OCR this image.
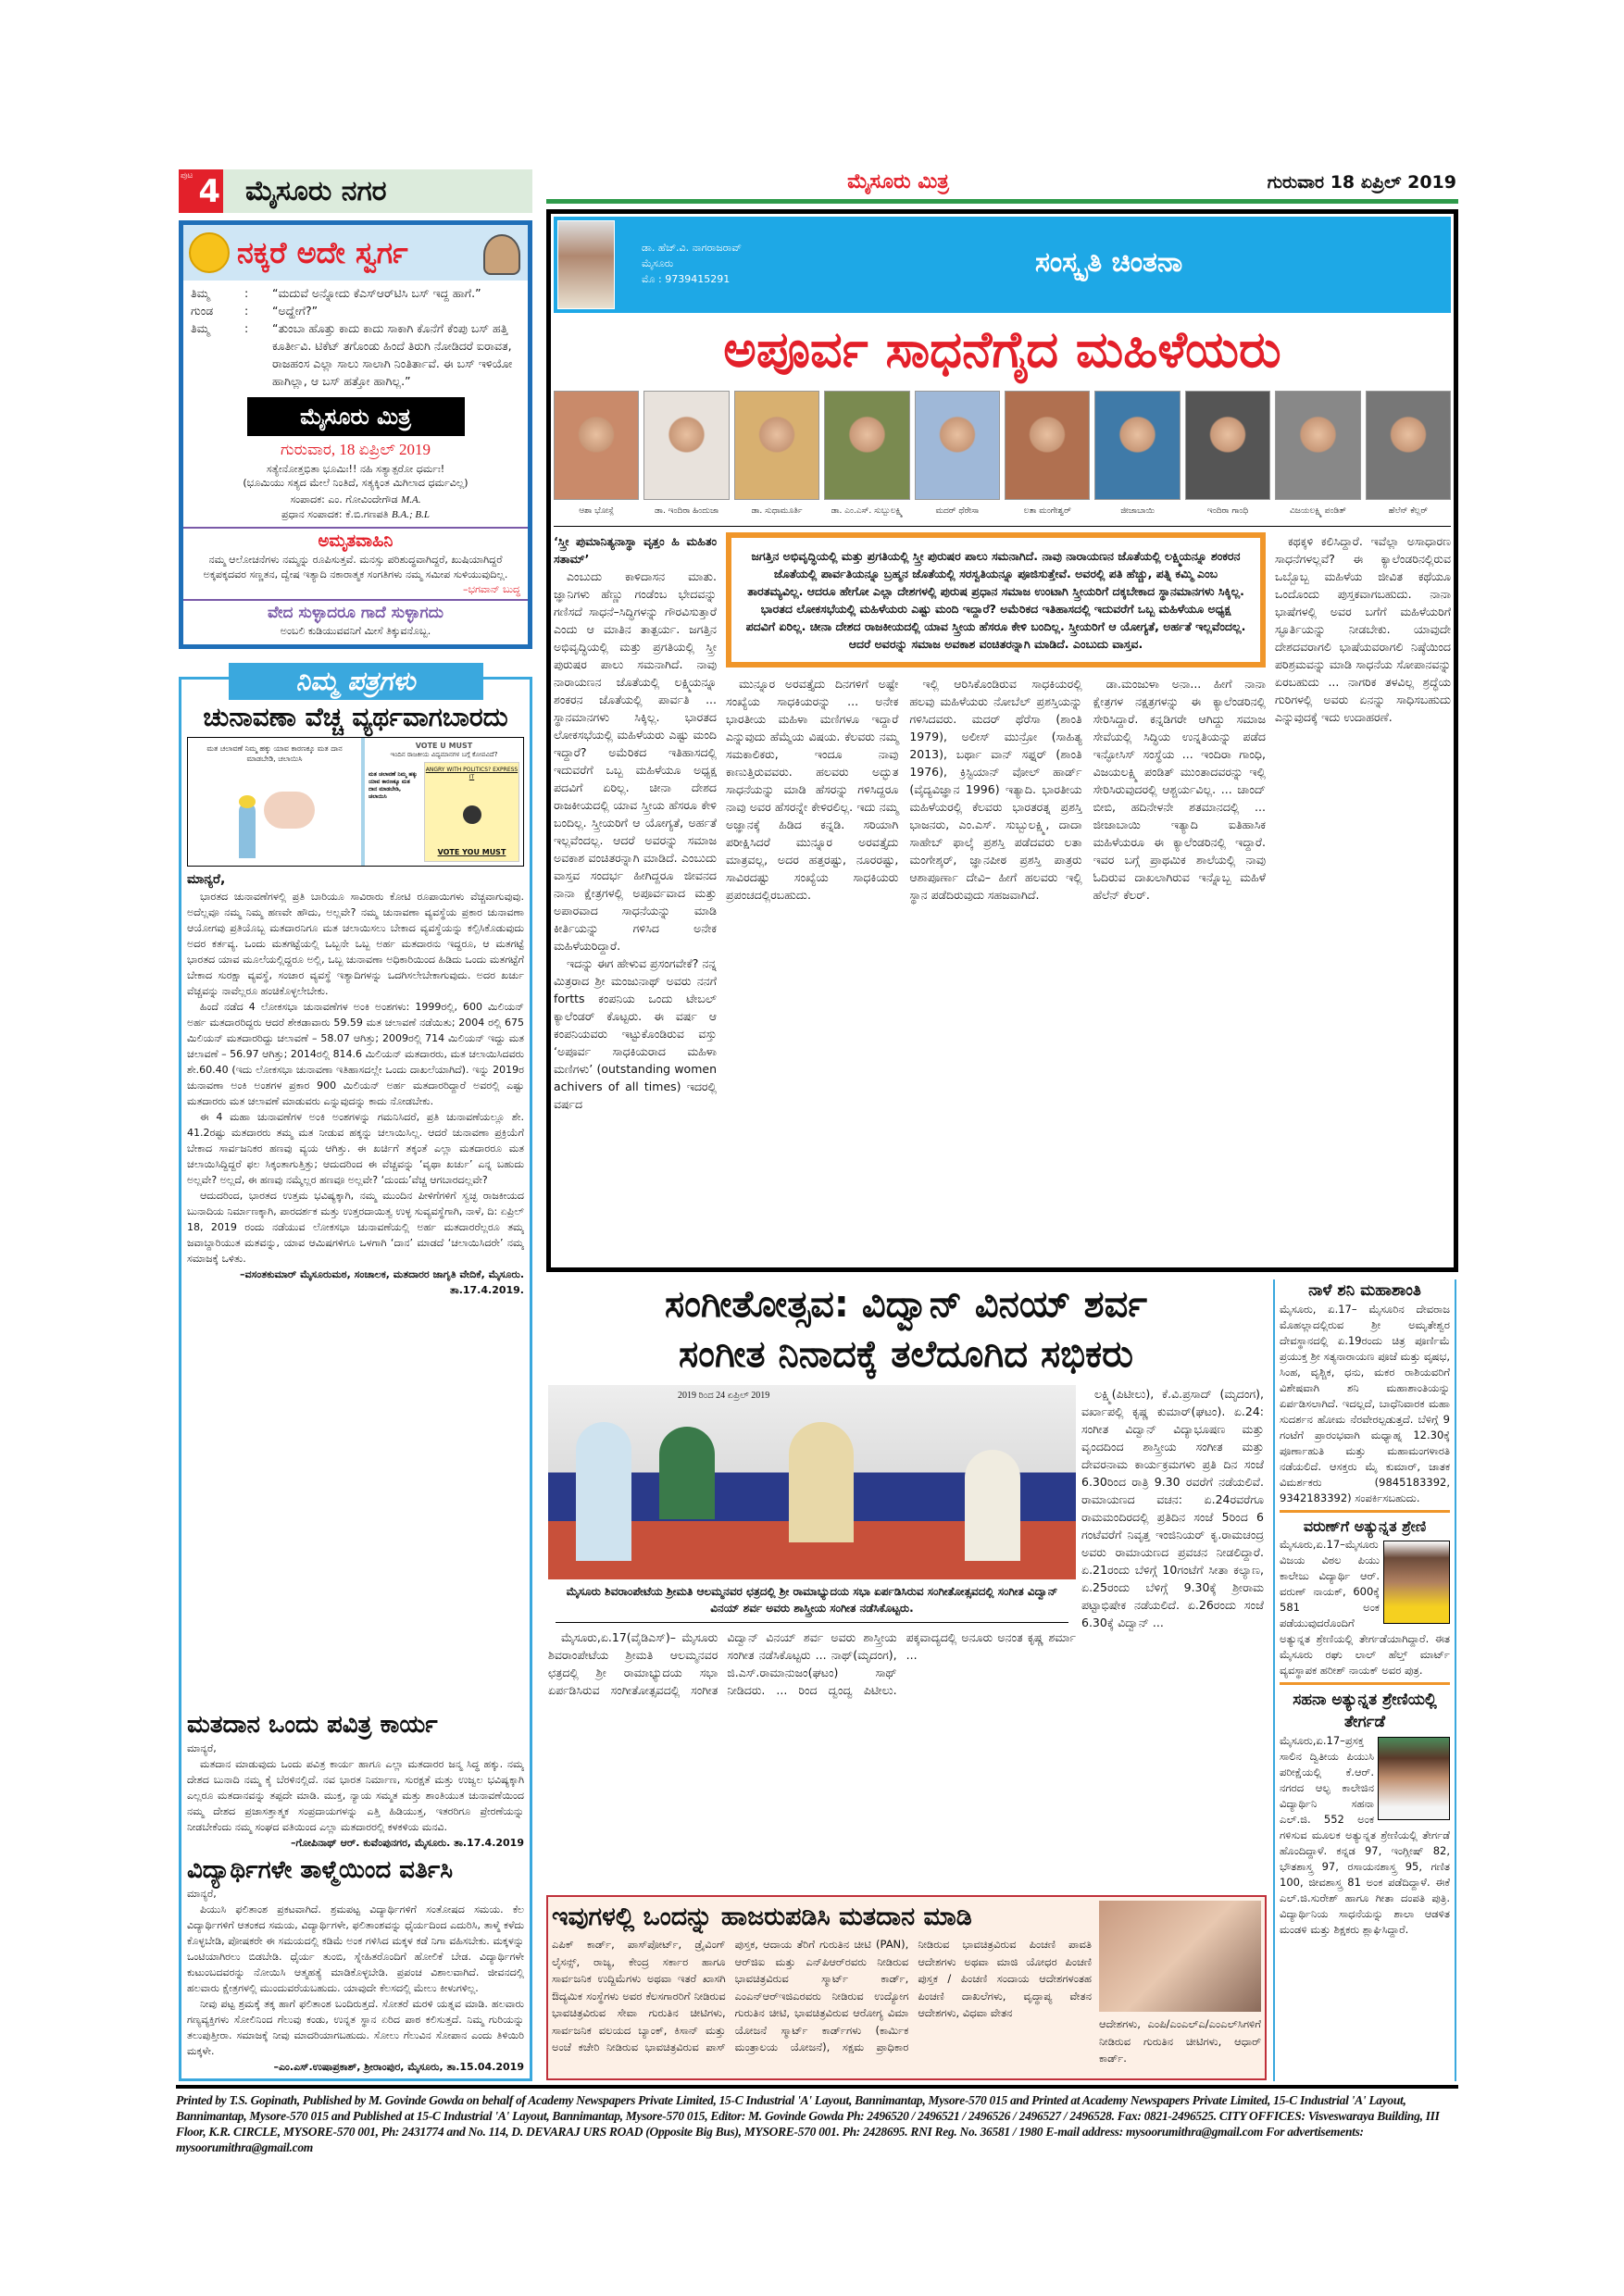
ಪುಟ 4 ಮೈಸೂರು ನಗರ	ಮೈಸೂರು ಮಿತ್ರ	ಗುರುವಾರ 18 ಏಪ್ರಿಲ್ 2019
ನಕ್ಕರೆ ಅದೇ ಸ್ವರ್ಗ
ತಿಮ್ಮ	:	“ಮದುವೆ ಅನ್ನೋದು ಕೆಎಸ್‌ಆರ್‌ಟಿಸಿ ಬಸ್ ಇದ್ದ ಹಾಗೆ.”
ಗುಂಡ	:	“ಅದ್ಹೇಗೆ?”
ತಿಮ್ಮ	:	“ತುಂಬಾ ಹೊತ್ತು ಕಾದು ಕಾದು ಸಾಕಾಗಿ ಕೊನೆಗೆ ಕೆಂಪು ಬಸ್ ಹತ್ತಿ ಕೂರ್ತೀವಿ. ಟಿಕೆಟ್ ತಗೊಂಡು ಹಿಂದೆ ತಿರುಗಿ ನೋಡಿದರೆ ಐರಾವತ, ರಾಜಹಂಸ ಎಲ್ಲಾ ಸಾಲು ಸಾಲಾಗಿ ನಿಂತಿರ್ತಾವೆ. ಈ ಬಸ್ ಇಳಿಯೋ ಹಾಗಿಲ್ಲಾ, ಆ ಬಸ್ ಹತ್ತೋ ಹಾಗಿಲ್ಲ.”
ಮೈಸೂರು ಮಿತ್ರ
ಗುರುವಾರ, 18 ಏಪ್ರಿಲ್ 2019
ಸತ್ಯೇನೋತ್ತಭಿತಾ ಭೂಮಿಃ!! ನಹಿ ಸತ್ಯಾತ್ಪರೋ ಧರ್ಮಃ!
(ಭೂಮಿಯು ಸತ್ಯದ ಮೇಲೆ ನಿಂತಿದೆ, ಸತ್ಯಕ್ಕಿಂತ ಮಿಗಿಲಾದ ಧರ್ಮವಿಲ್ಲ)
ಸಂಪಾದಕ: ಎಂ. ಗೋವಿಂದೇಗೌಡ M.A.
ಪ್ರಧಾನ ಸಂಪಾದಕ: ಕೆ.ಬಿ.ಗಣಪತಿ B.A.; B.L
ಅಮೃತವಾಹಿನಿ
ನಮ್ಮ ಆಲೋಚನೆಗಳು ನಮ್ಮನ್ನು ರೂಪಿಸುತ್ತವೆ. ಮನಸ್ಸು ಪರಿಶುದ್ಧವಾಗಿದ್ದರೆ, ಖುಷಿಯಾಗಿದ್ದರೆ ಅಕ್ಕಪಕ್ಕದವರ ಸಣ್ಣತನ, ದ್ವೇಷ ಇತ್ಯಾದಿ ನಕಾರಾತ್ಮಕ ಸಂಗತಿಗಳು ನಮ್ಮ ಸಮೀಪ ಸುಳಿಯುವುದಿಲ್ಲ.
–ಭಗವಾನ್ ಬುದ್ಧ
ವೇದ ಸುಳ್ಳಾದರೂ ಗಾದೆ ಸುಳ್ಳಾಗದು
ಅಂಬಲಿ ಕುಡಿಯುವವನಿಗೆ ಮೀಸೆ ತಿಕ್ಕುವನೊಬ್ಬ.
ನಿಮ್ಮ ಪತ್ರಗಳು
ಚುನಾವಣಾ ವೆಚ್ಚ ವ್ಯರ್ಥವಾಗಬಾರದು
ಮತ ಚಲಾವಣೆ ನಿಮ್ಮ ಹಕ್ಕು ಯಾವ ಕಾರಣಕ್ಕೂ ಮತ ದಾನ ಮಾಡಬೇಡಿ, ಚಲಾಯಿಸಿ
VOTE U MUST
ಇಂದಿನ ರಾಜಕೀಯ ವಿದ್ಯಮಾನಗಳ ಬಗ್ಗೆ ಕೋಪವಿದೆ?
ಮತ ಚಲಾವಣೆ ನಿಮ್ಮ ಹಕ್ಕು ಯಾವ ಕಾರಣಕ್ಕೂ ಮತ ದಾನ ಮಾಡಬೇಡಿ, ಚಲಾಯಿಸಿ
ANGRY WITH POLITICS? EXPRESS IT
VOTE YOU MUST
ಮಾನ್ಯರೆ,

ಭಾರತದ ಚುನಾವಣೆಗಳಲ್ಲಿ ಪ್ರತಿ ಬಾರಿಯೂ ಸಾವಿರಾರು ಕೋಟಿ ರೂಪಾಯಿಗಳು ವೆಚ್ಚವಾಗುವುವು. ಅದೆಲ್ಲವೂ ನಮ್ಮ ನಿಮ್ಮ ಹಣವೇ ಹೌದು, ಅಲ್ಲವೇ? ನಮ್ಮ ಚುನಾವಣಾ ವ್ಯವಸ್ಥೆಯ ಪ್ರಕಾರ ಚುನಾವಣಾ ಆಯೋಗವು ಪ್ರತಿಯೊಬ್ಬ ಮತದಾರನಿಗೂ ಮತ ಚಲಾಯಿಸಲು ಬೇಕಾದ ವ್ಯವಸ್ಥೆಯನ್ನು ಕಲ್ಪಿಸಿಕೊಡುವುದು ಅದರ ಕರ್ತವ್ಯ. ಒಂದು ಮತಗಟ್ಟೆಯಲ್ಲಿ ಒಬ್ಬನೇ ಒಬ್ಬ ಅರ್ಹ ಮತದಾರನು ಇದ್ದರೂ, ಆ ಮತಗಟ್ಟೆ ಭಾರತದ ಯಾವ ಮೂಲೆಯಲ್ಲಿದ್ದರೂ ಅಲ್ಲಿ, ಒಬ್ಬ ಚುನಾವಣಾ ಅಧಿಕಾರಿಯಿಂದ ಹಿಡಿದು ಒಂದು ಮತಗಟ್ಟೆಗೆ ಬೇಕಾದ ಸುರಕ್ಷಾ ವ್ಯವಸ್ಥೆ, ಸಂಚಾರ ವ್ಯವಸ್ಥೆ ಇತ್ಯಾದಿಗಳನ್ನು ಒದಗಿಸಲೇಬೇಕಾಗುವುದು. ಅದರ ಖರ್ಚು ವೆಚ್ಚವನ್ನು ನಾವೆಲ್ಲರೂ ಹಂಚಿಕೊಳ್ಳಲೇಬೇಕು.

ಹಿಂದೆ ನಡೆದ 4 ಲೋಕಸಭಾ ಚುನಾವಣೆಗಳ ಅಂಕಿ ಅಂಶಗಳು: 1999ರಲ್ಲಿ, 600 ಮಿಲಿಯನ್ ಅರ್ಹ ಮತದಾರರಿದ್ದರು ಆದರೆ ಶೇಕಡಾವಾರು 59.59 ಮತ ಚಲಾವಣೆ ನಡೆಯಿತು; 2004 ರಲ್ಲಿ 675 ಮಿಲಿಯನ್ ಮತದಾರರಿದ್ದು ಚಲಾವಣೆ – 58.07 ಆಗಿತ್ತು; 2009ರಲ್ಲಿ 714 ಮಿಲಿಯನ್ ಇದ್ದು ಮತ ಚಲಾವಣೆ – 56.97 ಆಗಿತ್ತು; 2014ರಲ್ಲಿ 814.6 ಮಿಲಿಯನ್ ಮತದಾರರು, ಮತ ಚಲಾಯಿಸಿದವರು ಶೇ.60.40 (ಇದು ಲೋಕಸಭಾ ಚುನಾವಣಾ ಇತಿಹಾಸದಲ್ಲೇ ಒಂದು ದಾಖಲೆಯಾಗಿದೆ). ಇನ್ನು 2019ರ ಚುನಾವಣಾ ಅಂಕಿ ಅಂಶಗಳ ಪ್ರಕಾರ 900 ಮಿಲಿಯನ್ ಅರ್ಹ ಮತದಾರರಿದ್ದಾರೆ ಅವರಲ್ಲಿ ಎಷ್ಟು ಮತದಾರರು ಮತ ಚಲಾವಣೆ ಮಾಡುವರು ಎನ್ನುವುದನ್ನು ಕಾದು ನೋಡಬೇಕು.

ಈ 4 ಮಹಾ ಚುನಾವಣೆಗಳ ಅಂಕಿ ಅಂಶಗಳನ್ನು ಗಮನಿಸಿದರೆ, ಪ್ರತಿ ಚುನಾವಣೆಯಲ್ಲೂ ಶೇ. 41.2ರಷ್ಟು ಮತದಾರರು ತಮ್ಮ ಮತ ನೀಡುವ ಹಕ್ಕನ್ನು ಚಲಾಯಿಸಿಲ್ಲ. ಆದರೆ ಚುನಾವಣಾ ಪ್ರಕ್ರಿಯೆಗೆ ಬೇಕಾದ ಸಾರ್ವಜನಿಕರ ಹಣವು ವ್ಯಯ ಆಗಿತ್ತು. ಈ ಖರ್ಚಿಗೆ ತಕ್ಕಂತೆ ಎಲ್ಲಾ ಮತದಾರರೂ ಮತ ಚಲಾಯಿಸಿದ್ದಿದ್ದರೆ ಫಲ ಸಿಕ್ಕಂತಾಗುತ್ತಿತ್ತು; ಆದುದರಿಂದ ಈ ವೆಚ್ಚವನ್ನು ‘ವೃಥಾ ಖರ್ಚು’ ಎನ್ನ ಬಹುದು ಅಲ್ಲವೇ? ಅಲ್ಲದೆ, ಈ ಹಣವು ನಮ್ಮೆಲ್ಲರ ಹಣವೂ ಅಲ್ಲವೇ? ‘ದುಂದು’ವೆಚ್ಚ ಆಗಬಾರದಲ್ಲವೇ?

ಆದುದರಿಂದ, ಭಾರತದ ಉತ್ತಮ ಭವಿಷ್ಯಕ್ಕಾಗಿ, ನಮ್ಮ ಮುಂದಿನ ಪೀಳಿಗೆಗಳಿಗೆ ಸ್ವಚ್ಛ ರಾಜಕೀಯದ ಬುನಾದಿಯ ನಿರ್ಮಾಣಕ್ಕಾಗಿ, ಪಾರದರ್ಶಕ ಮತ್ತು ಉತ್ತರದಾಯಿತ್ವ ಉಳ್ಳ ಸುವ್ಯವಸ್ಥೆಗಾಗಿ, ನಾಳೆ, ದಿ: ಏಪ್ರಿಲ್ 18, 2019 ರಂದು ನಡೆಯುವ ಲೋಕಸಭಾ ಚುನಾವಣೆಯಲ್ಲಿ ಅರ್ಹ ಮತದಾರರೆಲ್ಲರೂ ತಮ್ಮ ಜವಾಬ್ದಾರಿಯುತ ಮತವನ್ನು, ಯಾವ ಆಮಿಷಗಳಿಗೂ ಒಳಗಾಗಿ ‘ದಾನ’ ಮಾಡದೆ ‘ಚಲಾಯಿಸಿದರೇ’ ನಮ್ಮ ಸಮಾಜಕ್ಕೆ ಒಳಿತು.

–ವಸಂತಕುಮಾರ್ ಮೈಸೂರುಮಠ, ಸಂಚಾಲಕ, ಮತದಾರರ ಜಾಗೃತಿ ವೇದಿಕೆ, ಮೈಸೂರು. ತಾ.17.4.2019.
ಮತದಾನ ಒಂದು ಪವಿತ್ರ ಕಾರ್ಯ
ಮಾನ್ಯರೆ,

ಮತದಾನ ಮಾಡುವುದು ಒಂದು ಪವಿತ್ರ ಕಾರ್ಯ ಹಾಗೂ ಎಲ್ಲಾ ಮತದಾರರ ಜನ್ಮ ಸಿದ್ಧ ಹಕ್ಕು. ನಮ್ಮ ದೇಶದ ಬುನಾದಿ ನಮ್ಮ ಕೈ ಬೆರಳಿನಲ್ಲಿದೆ. ನವ ಭಾರತ ನಿರ್ಮಾಣ, ಸುರಕ್ಷತೆ ಮತ್ತು ಉಜ್ವಲ ಭವಿಷ್ಯಕ್ಕಾಗಿ ಎಲ್ಲರೂ ಮತದಾನವನ್ನು ತಪ್ಪದೇ ಮಾಡಿ. ಮುಕ್ತ, ನ್ಯಾಯ ಸಮ್ಮತ ಮತ್ತು ಶಾಂತಿಯುತ ಚುನಾವಣೆಯಿಂದ ನಮ್ಮ ದೇಶದ ಪ್ರಜಾಸತ್ತಾತ್ಮಕ ಸಂಪ್ರದಾಯಗಳನ್ನು ಎತ್ತಿ ಹಿಡಿಯುತ್ತ, ಇತರರಿಗೂ ಪ್ರೇರಣೆಯನ್ನು ನೀಡಬೇಕೆಂದು ನಮ್ಮ ಸಂಘದ ವತಿಯಿಂದ ಎಲ್ಲಾ ಮತದಾರರಲ್ಲಿ ಕಳಕಳಿಯ ಮನವಿ.

–ಗೋಪಿನಾಥ್ ಆರ್. ಕುವೆಂಪುನಗರ, ಮೈಸೂರು. ತಾ.17.4.2019
ವಿದ್ಯಾರ್ಥಿಗಳೇ ತಾಳ್ಮೆಯಿಂದ ವರ್ತಿಸಿ
ಮಾನ್ಯರೆ,

ಪಿಯುಸಿ ಫಲಿತಾಂಶ ಪ್ರಕಟವಾಗಿದೆ. ಶ್ರಮಪಟ್ಟ ವಿದ್ಯಾರ್ಥಿಗಳಿಗೆ ಸಂತೋಷದ ಸಮಯ. ಕೆಲ ವಿದ್ಯಾರ್ಥಿಗಳಿಗೆ ಆತಂಕದ ಸಮಯ, ವಿದ್ಯಾರ್ಥಿಗಳೇ, ಫಲಿತಾಂಶವನ್ನು ಧೈರ್ಯದಿಂದ ಎದುರಿಸಿ, ತಾಳ್ಮೆ ಕಳೆದು ಕೊಳ್ಳಬೇಡಿ, ಪೋಷಕರೇ ಈ ಸಮಯದಲ್ಲಿ ಕಡಿಮೆ ಅಂಕ ಗಳಿಸಿದ ಮಕ್ಕಳ ಕಡೆ ನಿಗಾ ವಹಿಸಬೇಕು. ಮಕ್ಕಳನ್ನು ಒಂಟಿಯಾಗಿರಲು ಬಿಡಬೇಡಿ. ಧೈರ್ಯ ತುಂಬಿ, ಸ್ನೇಹಿತರೊಂದಿಗೆ ಹೋಲಿಕೆ ಬೇಡ. ವಿದ್ಯಾರ್ಥಿಗಳೇ ಕುಟುಂಬದವರನ್ನು ನೋಯಿಸಿ ಆತ್ಮಹತ್ಯೆ ಮಾಡಿಕೊಳ್ಳಬೇಡಿ. ಪ್ರಪಂಚ ವಿಶಾಲವಾಗಿದೆ. ಜೀವನದಲ್ಲಿ ಹಲವಾರು ಕ್ಷೇತ್ರಗಳಲ್ಲಿ ಮುಂದುವರೆಯಬಹುದು. ಯಾವುದೇ ಕೆಲಸದಲ್ಲಿ ಮೇಲು ಕೀಳುಗಳಿಲ್ಲ.

ನೀವು ಪಟ್ಟ ಶ್ರಮಕ್ಕೆ ತಕ್ಕ ಹಾಗೆ ಫಲಿತಾಂಶ ಬಂದಿರುತ್ತದೆ. ಸೋತರೆ ಮರಳಿ ಯತ್ನವ ಮಾಡಿ. ಹಲವಾರು ಗಣ್ಯವ್ಯಕ್ತಿಗಳು ಸೋಲಿನಿಂದ ಗೆಲುವು ಕಂಡು, ಉನ್ನತ ಸ್ಥಾನ ಏರಿದ ಪಾಠ ಕಲಿಸುತ್ತದೆ. ನಿಮ್ಮ ಗುರಿಯನ್ನು ತಲುಪುತ್ತೀರಾ. ಸಮಾಜಕ್ಕೆ ನೀವು ಮಾದರಿಯಾಗಬಹುದು. ಸೋಲು ಗೆಲುವಿನ ಸೋಪಾನ ಎಂದು ತಿಳಿಯಿರಿ ಮಕ್ಕಳೇ.

–ಎಂ.ಎಸ್.ಉಷಾಪ್ರಕಾಶ್, ಶ್ರೀರಾಂಪುರ, ಮೈಸೂರು, ತಾ.15.04.2019
ಡಾ. ಹೆಚ್.ವಿ. ನಾಗರಾಜರಾವ್
ಮೈಸೂರು
ಮೊ : 9739415291
ಸಂಸ್ಕೃತಿ ಚಿಂತನಾ
ಅಪೂರ್ವ ಸಾಧನೆಗೈದ ಮಹಿಳೆಯರು
ಆಶಾ ಭೋಸ್ಲೆ	ಡಾ. ಇಂದಿರಾ ಹಿಂದುಜಾ	ಡಾ. ಸುಧಾಮೂರ್ತಿ	ಡಾ. ಎಂ.ಎಸ್. ಸುಬ್ಬುಲಕ್ಷ್ಮಿ	ಮದರ್ ಥೆರೇಸಾ	ಲತಾ ಮಂಗೇಶ್ವರ್	ಜೀಜಾಬಾಯಿ	ಇಂದಿರಾ ಗಾಂಧಿ	ವಿಜಯಲಕ್ಷ್ಮಿ ಪಂಡಿತ್	ಹೆಲೆನ್ ಕೆಲ್ಲರ್
‘ಸ್ತ್ರೀ ಪುಮಾನಿತ್ಯನಾಸ್ಥಾ ವೃತ್ತಂ ಹಿ ಮಹಿತಂ ಸತಾಮ್’

ಎಂಬುದು ಕಾಳಿದಾಸನ ಮಾತು. ಜ್ಞಾನಿಗಳು ಹೆಣ್ಣು ಗಂಡೆಂಬ ಭೇದವನ್ನು ಗಣಿಸದೆ ಸಾಧನೆ–ಸಿದ್ಧಿಗಳನ್ನು ಗೌರವಿಸುತ್ತಾರೆ ಎಂದು ಆ ಮಾತಿನ ತಾತ್ಪರ್ಯ. ಜಗತ್ತಿನ ಅಭಿವೃದ್ಧಿಯಲ್ಲಿ ಮತ್ತು ಪ್ರಗತಿಯಲ್ಲಿ ಸ್ತ್ರೀ ಪುರುಷರ ಪಾಲು ಸಮನಾಗಿದೆ. ನಾವು ನಾರಾಯಣನ ಜೊತೆಯಲ್ಲಿ ಲಕ್ಷ್ಮಿಯನ್ನೂ ಶಂಕರನ ಜೊತೆಯಲ್ಲಿ ಪಾರ್ವತಿ ... ಸ್ಥಾನಮಾನಗಳು ಸಿಕ್ಕಿಲ್ಲ. ಭಾರತದ ಲೋಕಸಭೆಯಲ್ಲಿ ಮಹಿಳೆಯರು ಎಷ್ಟು ಮಂದಿ ಇದ್ದಾರೆ? ಅಮೆರಿಕದ ಇತಿಹಾಸದಲ್ಲಿ ಇದುವರೆಗೆ ಒಬ್ಬ ಮಹಿಳೆಯೂ ಅಧ್ಯಕ್ಷ ಪದವಿಗೆ ಏರಿಲ್ಲ. ಚೀನಾ ದೇಶದ ರಾಜಕೀಯದಲ್ಲಿ ಯಾವ ಸ್ತ್ರೀಯ ಹೆಸರೂ ಕೇಳಿ ಬಂದಿಲ್ಲ. ಸ್ತ್ರೀಯರಿಗೆ ಆ ಯೋಗ್ಯತೆ, ಅರ್ಹತೆ ಇಲ್ಲವೆಂದಲ್ಲ. ಆದರೆ ಅವರನ್ನು ಸಮಾಜ ಅವಕಾಶ ವಂಚಿತರನ್ನಾಗಿ ಮಾಡಿದೆ. ಎಂಬುದು ವಾಸ್ತವ ಸಂದರ್ಭ ಹೀಗಿದ್ದರೂ ಜೀವನದ ನಾನಾ ಕ್ಷೇತ್ರಗಳಲ್ಲಿ ಅಪೂರ್ವವಾದ ಮತ್ತು ಅಪಾರವಾದ ಸಾಧನೆಯನ್ನು ಮಾಡಿ ಕೀರ್ತಿಯನ್ನು ಗಳಿಸಿದ ಅನೇಕ ಮಹಿಳೆಯರಿದ್ದಾರೆ.

ಇದನ್ನು ಈಗ ಹೇಳುವ ಪ್ರಸಂಗವೇಕೆ? ನನ್ನ ಮಿತ್ರರಾದ ಶ್ರೀ ಮಂಜುನಾಥ್ ಅವರು ನನಗೆ fortts ಕಂಪನಿಯ ಒಂದು ಟೇಬಲ್ ಕ್ಯಾಲೆಂಡರ್ ಕೊಟ್ಟರು. ಈ ವರ್ಷ ಆ ಕಂಪನಿಯವರು ಇಟ್ಟುಕೊಂಡಿರುವ ವಸ್ತು ‘ಅಪೂರ್ವ ಸಾಧಕಿಯರಾದ ಮಹಿಳಾ ಮಣಿಗಳು’ (outstanding women achivers of all times) ಇದರಲ್ಲಿ ವರ್ಷದ

ಜಗತ್ತಿನ ಅಭಿವೃದ್ಧಿಯಲ್ಲಿ ಮತ್ತು ಪ್ರಗತಿಯಲ್ಲಿ ಸ್ತ್ರೀ ಪುರುಷರ ಪಾಲು ಸಮನಾಗಿದೆ. ನಾವು ನಾರಾಯಣನ ಜೊತೆಯಲ್ಲಿ ಲಕ್ಷ್ಮಿಯನ್ನೂ ಶಂಕರನ ಜೊತೆಯಲ್ಲಿ ಪಾರ್ವತಿಯನ್ನೂ ಬ್ರಹ್ಮನ ಜೊತೆಯಲ್ಲಿ ಸರಸ್ವತಿಯನ್ನೂ ಪೂಜಿಸುತ್ತೇವೆ. ಅವರಲ್ಲಿ ಪತಿ ಹೆಚ್ಚು, ಪತ್ನಿ ಕಮ್ಮಿ ಎಂಬ ತಾರತಮ್ಯವಿಲ್ಲ. ಆದರೂ ಹೇಗೋ ಎಲ್ಲಾ ದೇಶಗಳಲ್ಲಿ ಪುರುಷ ಪ್ರಧಾನ ಸಮಾಜ ಉಂಟಾಗಿ ಸ್ತ್ರೀಯರಿಗೆ ದಕ್ಕಬೇಕಾದ ಸ್ಥಾನಮಾನಗಳು ಸಿಕ್ಕಿಲ್ಲ. ಭಾರತದ ಲೋಕಸಭೆಯಲ್ಲಿ ಮಹಿಳೆಯರು ಎಷ್ಟು ಮಂದಿ ಇದ್ದಾರೆ? ಅಮೆರಿಕದ ಇತಿಹಾಸದಲ್ಲಿ ಇದುವರೆಗೆ ಒಬ್ಬ ಮಹಿಳೆಯೂ ಅಧ್ಯಕ್ಷ ಪದವಿಗೆ ಏರಿಲ್ಲ. ಚೀನಾ ದೇಶದ ರಾಜಕೀಯದಲ್ಲಿ ಯಾವ ಸ್ತ್ರೀಯ ಹೆಸರೂ ಕೇಳಿ ಬಂದಿಲ್ಲ. ಸ್ತ್ರೀಯರಿಗೆ ಆ ಯೋಗ್ಯತೆ, ಅರ್ಹತೆ ಇಲ್ಲವೆಂದಲ್ಲ. ಆದರೆ ಅವರನ್ನು ಸಮಾಜ ಅವಕಾಶ ವಂಚಿತರನ್ನಾಗಿ ಮಾಡಿದೆ. ಎಂಬುದು ವಾಸ್ತವ.

ಮುನ್ನೂರ ಅರವತ್ತೈದು ದಿನಗಳಿಗೆ ಅಷ್ಟೇ ಸಂಖ್ಯೆಯ ಸಾಧಕಿಯರನ್ನು ... ಅನೇಕ ಭಾರತೀಯ ಮಹಿಳಾ ಮಣಿಗಳೂ ಇದ್ದಾರೆ ಎನ್ನುವುದು ಹೆಮ್ಮೆಯ ವಿಷಯ. ಕೆಲವರು ನಮ್ಮ ಸಮಕಾಲಿಕರು, ಇಂದೂ ನಾವು ಕಾಣುತ್ತಿರುವವರು. ಹಲವರು ಅದ್ಭುತ ಸಾಧನೆಯನ್ನು ಮಾಡಿ ಹೆಸರನ್ನು ಗಳಿಸಿದ್ದರೂ ನಾವು ಅವರ ಹೆಸರನ್ನೇ ಕೇಳಿರಲಿಲ್ಲ. ಇದು ನಮ್ಮ ಅಜ್ಞಾನಕ್ಕೆ ಹಿಡಿದ ಕನ್ನಡಿ. ಸರಿಯಾಗಿ ಪರೀಕ್ಷಿಸಿದರೆ ಮುನ್ನೂರ ಅರವತ್ತೈದು ಮಾತ್ರವಲ್ಲ, ಅದರ ಹತ್ತರಷ್ಟು, ನೂರರಷ್ಟು, ಸಾವಿರದಷ್ಟು ಸಂಖ್ಯೆಯ ಸಾಧಕಿಯರು ಪ್ರಪಂಚದಲ್ಲಿರಬಹುದು.

ಇಲ್ಲಿ ಆರಿಸಿಕೊಂಡಿರುವ ಸಾಧಕಿಯರಲ್ಲಿ ಹಲವು ಮಹಿಳೆಯರು ನೋಬೆಲ್ ಪ್ರಶಸ್ತಿಯನ್ನು ಗಳಿಸಿದವರು. ಮದರ್ ಥೆರೆಸಾ (ಶಾಂತಿ 1979), ಅಲೀಸ್ ಮುನ್ರೋ (ಸಾಹಿತ್ಯ 2013), ಬರ್ಥಾ ವಾನ್ ಸಫ್ನರ್ (ಶಾಂತಿ 1976), ಕ್ರಿಸ್ಟಿಯಾನ್ ವೋಲ್ ಹಾರ್ಡ್ (ವೈದ್ಯವಿಜ್ಞಾನ 1996) ಇತ್ಯಾದಿ. ಭಾರತೀಯ ಮಹಿಳೆಯರಲ್ಲಿ ಕೆಲವರು ಭಾರತರತ್ನ ಪ್ರಶಸ್ತಿ ಭಾಜನರು, ಎಂ.ಎಸ್. ಸುಬ್ಬುಲಕ್ಷ್ಮಿ, ದಾದಾ ಸಾಹೇಬ್ ಫಾಲ್ಕೆ ಪ್ರಶಸ್ತಿ ಪಡೆದವರು ಲತಾ ಮಂಗೇಶ್ಕರ್, ಜ್ಞಾನಪೀಠ ಪ್ರಶಸ್ತಿ ಪಾತ್ರರು ಆಶಾಪೂರ್ಣಾ ದೇವಿ– ಹೀಗೆ ಹಲವರು ಇಲ್ಲಿ ಸ್ಥಾನ ಪಡೆದಿರುವುದು ಸಹಜವಾಗಿದೆ.

ಡಾ.ಮಂಜುಳಾ ಅನಾ... ಹೀಗೆ ನಾನಾ ಕ್ಷೇತ್ರಗಳ ನಕ್ಷತ್ರಗಳನ್ನು ಈ ಕ್ಯಾಲೆಂಡರಿನಲ್ಲಿ ಸೇರಿಸಿದ್ದಾರೆ. ಕನ್ನಡಿಗರೇ ಆಗಿದ್ದು ಸಮಾಜ ಸೇವೆಯಲ್ಲಿ ಸಿದ್ಧಿಯ ಉನ್ನತಿಯನ್ನು ಪಡೆದ ಇನ್ಫೋಸಿಸ್ ಸಂಸ್ಥೆಯ ... ಇಂದಿರಾ ಗಾಂಧಿ, ವಿಜಯಲಕ್ಷ್ಮಿ ಪಂಡಿತ್ ಮುಂತಾದವರನ್ನು ಇಲ್ಲಿ ಸೇರಿಸಿರುವುದರಲ್ಲಿ ಆಶ್ಚರ್ಯವಿಲ್ಲ. ... ಚಾಂದ್ ಬೀಬಿ, ಹದಿನೇಳನೇ ಶತಮಾನದಲ್ಲಿ ... ಜೀಜಾಬಾಯಿ ಇತ್ಯಾದಿ ಐತಿಹಾಸಿಕ ಮಹಿಳೆಯರೂ ಈ ಕ್ಯಾಲೆಂಡರಿನಲ್ಲಿ ಇದ್ದಾರೆ. ಇವರ ಬಗ್ಗೆ ಪ್ರಾಥಮಿಕ ಶಾಲೆಯಲ್ಲಿ ನಾವು ಓದಿರುವ ದಾಖಲಾಗಿರುವ ಇನ್ನೊಬ್ಬ ಮಹಿಳೆ ಹೆಲೆನ್ ಕೆಲರ್.

ಕಥಕ್ಕಳಿ ಕಲಿಸಿದ್ದಾರೆ. ಇವೆಲ್ಲಾ ಅಸಾಧಾರಣ ಸಾಧನೆಗಳಲ್ಲವೆ? ಈ ಕ್ಯಾಲೆಂಡರಿನಲ್ಲಿರುವ ಒಬ್ಬೊಬ್ಬ ಮಹಿಳೆಯ ಜೀವಿತ ಕಥೆಯೂ ಒಂದೊಂದು ಪುಸ್ತಕವಾಗಬಹುದು. ನಾನಾ ಭಾಷೆಗಳಲ್ಲಿ ಅವರ ಬಗೆಗೆ ಮಹಿಳೆಯರಿಗೆ ಸ್ಫೂರ್ತಿಯನ್ನು ನೀಡಬೇಕು. ಯಾವುದೇ ದೇಶದವರಾಗಲಿ ಭಾಷೆಯವರಾಗಲಿ ನಿಷ್ಠೆಯಿಂದ ಪರಿಶ್ರಮವನ್ನು ಮಾಡಿ ಸಾಧನೆಯ ಸೋಪಾನವನ್ನು ಏರಬಹುದು ... ನಾಗರಿಕ ತಳವಿಲ್ಲ ಶ್ರದ್ಧೆಯ ಗುರಿಗಳಲ್ಲಿ ಅವರು ಏನನ್ನು ಸಾಧಿಸಬಹುದು ಎನ್ನುವುದಕ್ಕೆ ಇದು ಉದಾಹರಣೆ.

ಸಂಗೀತೋತ್ಸವ: ವಿದ್ವಾನ್ ವಿನಯ್ ಶರ್ವ
ಸಂಗೀತ ನಿನಾದಕ್ಕೆ ತಲೆದೂಗಿದ ಸಭಿಕರು
2019 ರಿಂದ 24 ಏಪ್ರಿಲ್ 2019
ಮೈಸೂರು ಶಿವರಾಂಪೇಟೆಯ ಶ್ರೀಮತಿ ಆಲಮ್ಮನವರ ಛತ್ರದಲ್ಲಿ ಶ್ರೀ ರಾಮಾಭ್ಯುದಯ ಸಭಾ ಏರ್ಪಡಿಸಿರುವ ಸಂಗೀತೋತ್ಸವದಲ್ಲಿ ಸಂಗೀತ ವಿದ್ವಾನ್ ವಿನಯ್ ಶರ್ವ ಅವರು ಶಾಸ್ತ್ರೀಯ ಸಂಗೀತ ನಡೆಸಿಕೊಟ್ಟರು.

ಮೈಸೂರು,ಏ.17(ವೈಡಿಎಸ್)– ಮೈಸೂರು ಶಿವರಾಂಪೇಟೆಯ ಶ್ರೀಮತಿ ಆಲಮ್ಮನವರ ಛತ್ರದಲ್ಲಿ ಶ್ರೀ ರಾಮಾಭ್ಯುದಯ ಸಭಾ ಏರ್ಪಡಿಸಿರುವ ಸಂಗೀತೋತ್ಸವದಲ್ಲಿ ಸಂಗೀತ ವಿದ್ವಾನ್ ವಿನಯ್ ಶರ್ವ ಅವರು ಶಾಸ್ತ್ರೀಯ ಸಂಗೀತ ನಡೆಸಿಕೊಟ್ಟರು ... ನಾಥ್(ಮೃದಂಗ), ಜಿ.ಎಸ್.ರಾಮಾನುಜಂ(ಘಟಂ) ಸಾಥ್ ನೀಡಿದರು. ... ರಿಂದ ದ್ವಂದ್ವ ಪಿಟೀಲು. ಪಕ್ಕವಾದ್ಯದಲ್ಲಿ ಅನೂರು ಅನಂತ ಕೃಷ್ಣ ಶರ್ಮಾ ...

ಲಕ್ಷ್ಮಿ(ಪಿಟೀಲು), ಕೆ.ವಿ.ಪ್ರಸಾದ್ (ಮೃದಂಗ), ವರ್ಖಾಪಲ್ಲಿ ಕೃಷ್ಣ ಕುಮಾರ್(ಘಟಂ). ಏ.24: ಸಂಗೀತ ವಿದ್ವಾನ್ ವಿದ್ಯಾಭೂಷಣ ಮತ್ತು ವೃಂದದಿಂದ ಶಾಸ್ತ್ರೀಯ ಸಂಗೀತ ಮತ್ತು ದೇವರನಾಮ ಕಾರ್ಯಕ್ರಮಗಳು ಪ್ರತಿ ದಿನ ಸಂಜೆ 6.30ರಿಂದ ರಾತ್ರಿ 9.30 ರವರೆಗೆ ನಡೆಯಲಿವೆ. ರಾಮಾಯಣದ ವಚನ: ಏ.24ರವರೆಗೂ ರಾಮಮಂದಿರದಲ್ಲಿ ಪ್ರತಿದಿನ ಸಂಜೆ 5ರಿಂದ 6 ಗಂಟೆವರೆಗೆ ನಿವೃತ್ತ ಇಂಜಿನಿಯರ್ ಕೃ.ರಾಮಚಂದ್ರ ಅವರು ರಾಮಾಯಣದ ಪ್ರವಚನ ನೀಡಲಿದ್ದಾರೆ. ಏ.21ರಂದು ಬೆಳಿಗ್ಗೆ 10ಗಂಟೆಗೆ ಸೀತಾ ಕಲ್ಯಾಣ, ಏ.25ರಂದು ಬೆಳಿಗ್ಗೆ 9.30ಕ್ಕೆ ಶ್ರೀರಾಮ ಪಟ್ಟಾಭಿಷೇಕ ನಡೆಯಲಿದೆ. ಏ.26ರಂದು ಸಂಜೆ 6.30ಕ್ಕೆ ವಿದ್ವಾನ್ ...

ಇವುಗಳಲ್ಲಿ ಒಂದನ್ನು ಹಾಜರುಪಡಿಸಿ ಮತದಾನ ಮಾಡಿ
ಎಪಿಕ್ ಕಾರ್ಡ್, ಪಾಸ್‌ಪೋರ್ಟ್, ಡ್ರೈವಿಂಗ್ ಲೈಸನ್ಸ್, ರಾಜ್ಯ, ಕೇಂದ್ರ ಸರ್ಕಾರ ಹಾಗೂ ಸಾರ್ವಜನಿಕ ಉದ್ದಿಮೆಗಳು ಅಥವಾ ಇತರೆ ಖಾಸಗಿ ಔದ್ಯಮಿಕ ಸಂಸ್ಥೆಗಳು ಅವರ ಕೆಲಸಗಾರರಿಗೆ ನೀಡಿರುವ ಭಾವಚಿತ್ರವಿರುವ ಸೇವಾ ಗುರುತಿನ ಚೀಟಿಗಳು, ಸಾರ್ವಜನಿಕ ವಲಯದ ಬ್ಯಾಂಕ್, ಕಿಸಾನ್ ಮತ್ತು ಅಂಚೆ ಕಚೇರಿ ನೀಡಿರುವ ಭಾವಚಿತ್ರವಿರುವ ಪಾಸ್ ಪುಸ್ತಕ, ಆದಾಯ ತೆರಿಗೆ ಗುರುತಿನ ಚೀಟಿ (PAN), ಆರ್‌ಜಿಐ ಮತ್ತು ಎನ್‌ಪಿಆರ್‌ರವರು ನೀಡಿರುವ ಭಾವಚಿತ್ರವಿರುವ ಸ್ಮಾರ್ಟ್ ಕಾರ್ಡ್, ಎಂಎನ್‌ಆರ್‌ಇಜಿಎರವರು ನೀಡಿರುವ ಉದ್ಯೋಗ ಗುರುತಿನ ಚೀಟಿ, ಭಾವಚಿತ್ರವಿರುವ ಆರೋಗ್ಯ ವಿಮಾ ಯೋಜನೆ ಸ್ಮಾರ್ಟ್ ಕಾರ್ಡ್‌ಗಳು (ಕಾರ್ಮಿಕ ಮಂತ್ರಾಲಯ ಯೋಜನೆ), ಸಕ್ಷಮ ಪ್ರಾಧಿಕಾರ ನೀಡಿರುವ ಭಾವಚಿತ್ರವಿರುವ ಪಿಂಚಣಿ ಪಾವತಿ ಆದೇಶಗಳು ಅಥವಾ ಮಾಜಿ ಯೋಧರ ಪಿಂಚಣಿ ಪುಸ್ತಕ / ಪಿಂಚಣಿ ಸಂದಾಯ ಆದೇಶಗಳಂತಹ ಪಿಂಚಣಿ ದಾಖಲೆಗಳು, ವೃದ್ಧಾಪ್ಯ ವೇತನ ಆದೇಶಗಳು, ವಿಧವಾ ವೇತನ
ಆದೇಶಗಳು, ಎಂಪಿ/ಎಂಎಲ್‌ಎ/ಎಂಎಲ್‌ಸಿಗಳಿಗೆ ನೀಡಿರುವ ಗುರುತಿನ ಚೀಟಿಗಳು, ಆಧಾರ್ ಕಾರ್ಡ್.
ನಾಳೆ ಶನಿ ಮಹಾಶಾಂತಿ
ಮೈಸೂರು, ಏ.17– ಮೈಸೂರಿನ ದೇವರಾಜ ಮೊಹಲ್ಲಾದಲ್ಲಿರುವ ಶ್ರೀ ಅಮೃತೇಶ್ವರ ದೇವಸ್ಥಾನದಲ್ಲಿ ಏ.19ರಂದು ಚಿತ್ರ ಪೂರ್ಣಿಮೆ ಪ್ರಯುಕ್ತ ಶ್ರೀ ಸತ್ಯನಾರಾಯಣ ಪೂಜೆ ಮತ್ತು ವೃಷಭ, ಸಿಂಹ, ವೃಶ್ಚಿಕ, ಧನು, ಮಕರ ರಾಶಿಯವರಿಗೆ ವಿಶೇಷವಾಗಿ ಶನಿ ಮಹಾಶಾಂತಿಯನ್ನು ಏರ್ಪಡಿಸಲಾಗಿದೆ. ಇದಲ್ಲದೆ, ಬಾಧೆನಿವಾರಕ ಮಹಾ ಸುದರ್ಶನ ಹೋಮ ನೆರವೇರಲ್ಪಡುತ್ತದೆ. ಬೆಳಿಗ್ಗೆ 9 ಗಂಟೆಗೆ ಪ್ರಾರಂಭವಾಗಿ ಮಧ್ಯಾಹ್ನ 12.30ಕ್ಕೆ ಪೂರ್ಣಾಹುತಿ ಮತ್ತು ಮಹಾಮಂಗಳಾರತಿ ನಡೆಯಲಿದೆ. ಆಸಕ್ತರು ಮೈ ಕುಮಾರ್, ಜಾತಕ ವಿಮರ್ಶಕರು (9845183392, 9342183392) ಸಂಪರ್ಕಿಸಬಹುದು.
ವರುಣ್‌ಗೆ ಅತ್ಯುನ್ನತ ಶ್ರೇಣಿ
ಮೈಸೂರು,ಏ.17–ಮೈಸೂರು ವಿಜಯ ವಿಠಲ ಪಿಯು ಕಾಲೇಜು ವಿದ್ಯಾರ್ಥಿ ಆರ್. ವರುಣ್ ನಾಯಕ್, 600ಕ್ಕೆ 581 ಅಂಕ ಪಡೆಯುವುದರೊಂದಿಗೆ ಅತ್ಯುನ್ನತ ಶ್ರೇಣಿಯಲ್ಲಿ ತೇರ್ಗಡೆಯಾಗಿದ್ದಾರೆ. ಈತ ಮೈಸೂರು ರಘು ಲಾಲ್ ಹೆಲ್ತ್ ಮಾರ್ಟ್ ವ್ಯವಸ್ಥಾಪಕ ಹರೀಶ್ ನಾಯಕ್ ಅವರ ಪುತ್ರ.
ಸಹನಾ ಅತ್ಯುನ್ನತ ಶ್ರೇಣಿಯಲ್ಲಿ ತೇರ್ಗಡೆ
ಮೈಸೂರು,ಏ.17–ಪ್ರಸಕ್ತ ಸಾಲಿನ ದ್ವಿತೀಯ ಪಿಯುಸಿ ಪರೀಕ್ಷೆಯಲ್ಲಿ ಕೆ.ಆರ್. ನಗರದ ಆಲ್ಫ ಕಾಲೇಜಿನ ವಿದ್ಯಾರ್ಥಿನಿ ಸಹನಾ ಎಲ್.ಜಿ. 552 ಅಂಕ ಗಳಿಸುವ ಮೂಲಕ ಅತ್ಯುನ್ನತ ಶ್ರೇಣಿಯಲ್ಲಿ ತೇರ್ಗಡೆ ಹೊಂದಿದ್ದಾಳೆ. ಕನ್ನಡ 97, ಇಂಗ್ಲೀಷ್ 82, ಭೌತಶಾಸ್ತ್ರ 97, ರಸಾಯನಶಾಸ್ತ್ರ 95, ಗಣಿತ 100, ಜೀವಶಾಸ್ತ್ರ 81 ಅಂಕ ಪಡೆದಿದ್ದಾಳೆ. ಈಕೆ ಎಲ್.ಜಿ.ಸುರೇಶ್ ಹಾಗೂ ಗೀತಾ ದಂಪತಿ ಪುತ್ರಿ. ವಿದ್ಯಾರ್ಥಿನಿಯ ಸಾಧನೆಯನ್ನು ಶಾಲಾ ಆಡಳಿತ ಮಂಡಳಿ ಮತ್ತು ಶಿಕ್ಷಕರು ಶ್ಲಾಘಿಸಿದ್ದಾರೆ.
Printed by T.S. Gopinath, Published by M. Govinde Gowda on behalf of Academy Newspapers Private Limited, 15-C Industrial 'A' Layout, Bannimantap, Mysore-570 015 and Printed at Academy Newspapers Private Limited, 15-C Industrial 'A' Layout, Bannimantap, Mysore-570 015 and Published at 15-C Industrial 'A' Layout, Bannimantap, Mysore-570 015, Editor: M. Govinde Gowda Ph: 2496520 / 2496521 / 2496526 / 2496527 / 2496528. Fax: 0821-2496525. CITY OFFICES: Visveswaraya Building, III Floor, K.R. CIRCLE, MYSORE-570 001, Ph: 2431774 and No. 114, D. DEVARAJ URS ROAD (Opposite Big Bus), MYSORE-570 001. Ph: 2428695. RNI Reg. No. 36581 / 1980 E-mail address: mysoorumithra@gmail.com For advertisements: mysoorumithra@gmail.com
